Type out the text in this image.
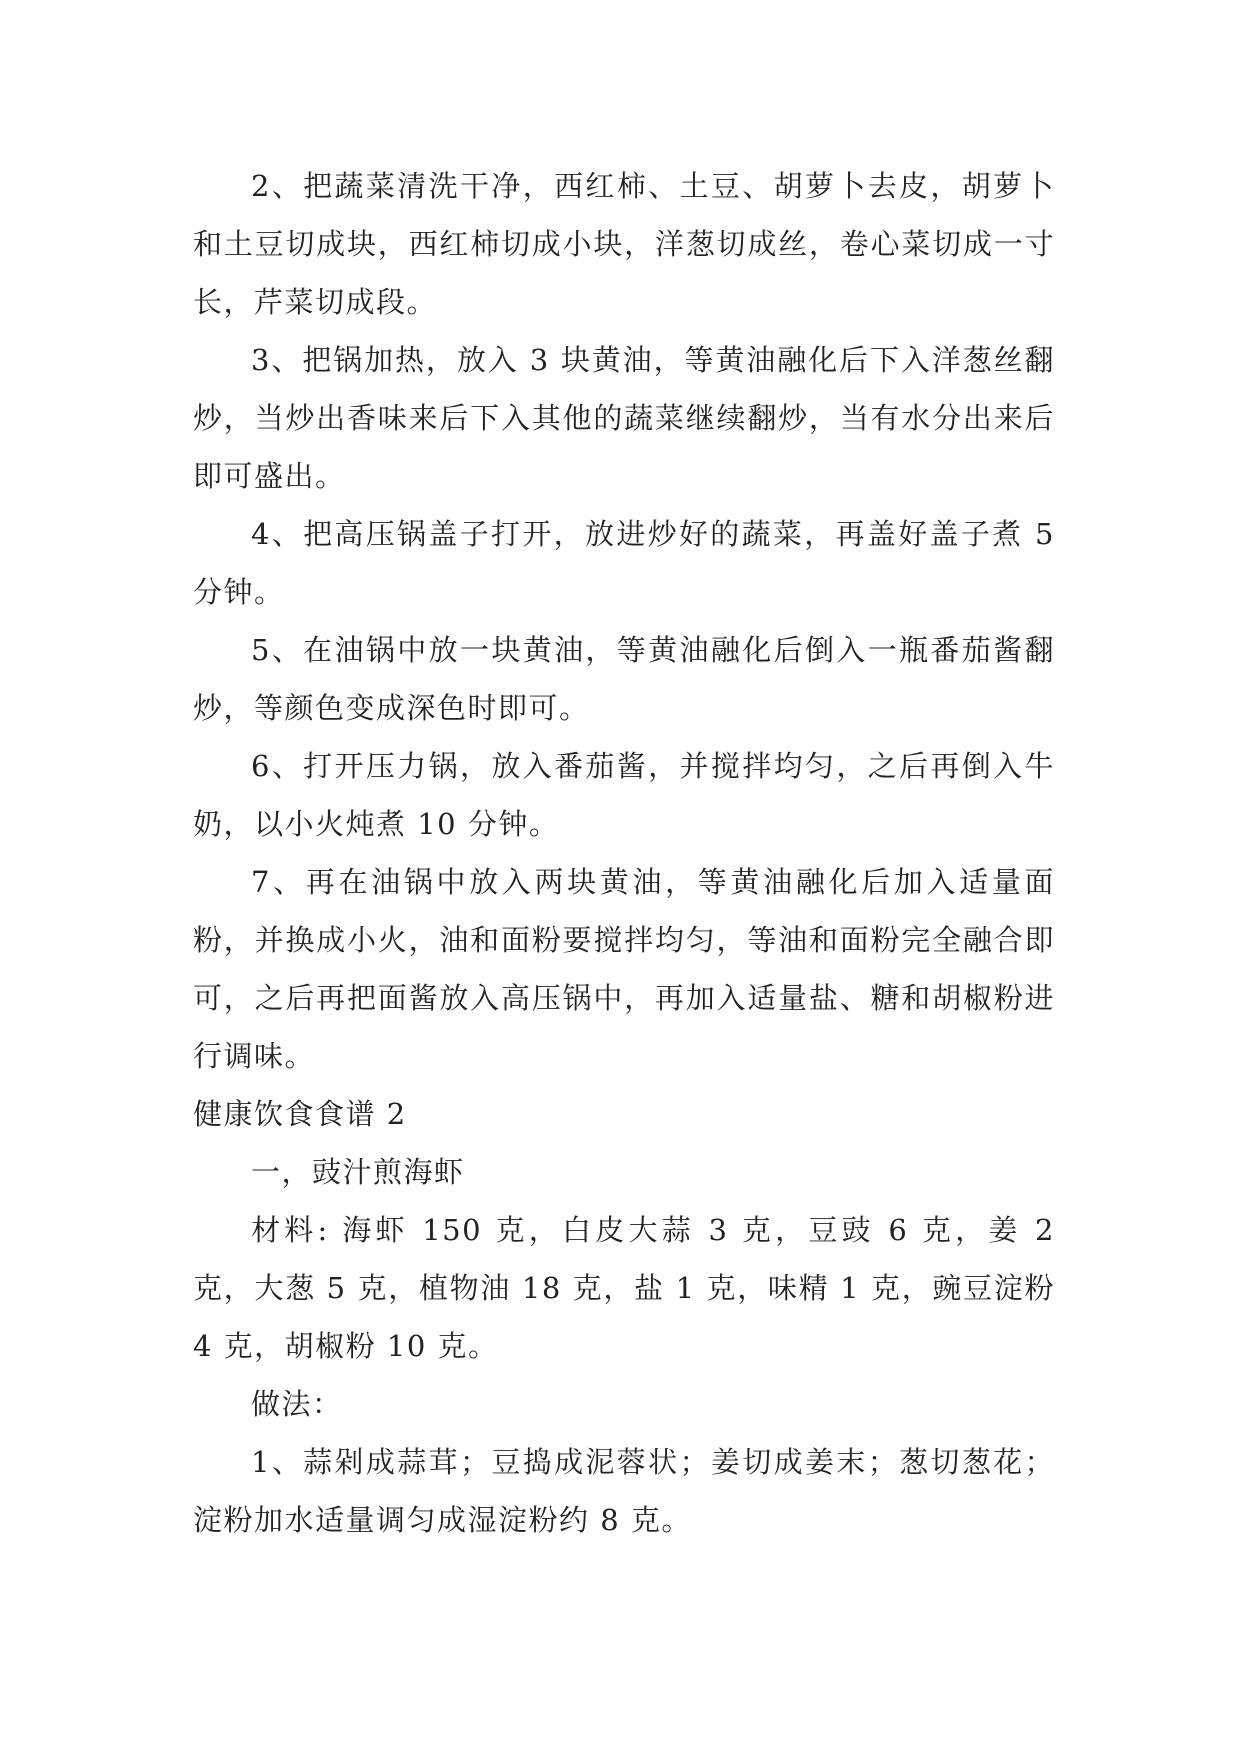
2、把蔬菜清洗干净，西红柿、土豆、胡萝卜去皮，胡萝卜和土豆切成块，西红柿切成小块，洋葱切成丝，卷心菜切成一寸长，芹菜切成段。

3、把锅加热，放入 3 块黄油，等黄油融化后下入洋葱丝翻炒，当炒出香味来后下入其他的蔬菜继续翻炒，当有水分出来后即可盛出。

4、把高压锅盖子打开，放进炒好的蔬菜，再盖好盖子煮 5 分钟。

5、在油锅中放一块黄油，等黄油融化后倒入一瓶番茄酱翻炒，等颜色变成深色时即可。

6、打开压力锅，放入番茄酱，并搅拌均匀，之后再倒入牛奶，以小火炖煮 10 分钟。

7、再在油锅中放入两块黄油，等黄油融化后加入适量面粉，并换成小火，油和面粉要搅拌均匀，等油和面粉完全融合即可，之后再把面酱放入高压锅中，再加入适量盐、糖和胡椒粉进行调味。

健康饮食食谱 2

一，豉汁煎海虾

材料: 海虾 150 克，白皮大蒜 3 克，豆豉 6 克，姜 2 克，大葱 5 克，植物油 18 克，盐 1 克，味精 1 克，豌豆淀粉 4 克，胡椒粉 10 克。

做法：

1、蒜剁成蒜茸；豆捣成泥蓉状；姜切成姜末；葱切葱花；淀粉加水适量调匀成湿淀粉约 8 克。
